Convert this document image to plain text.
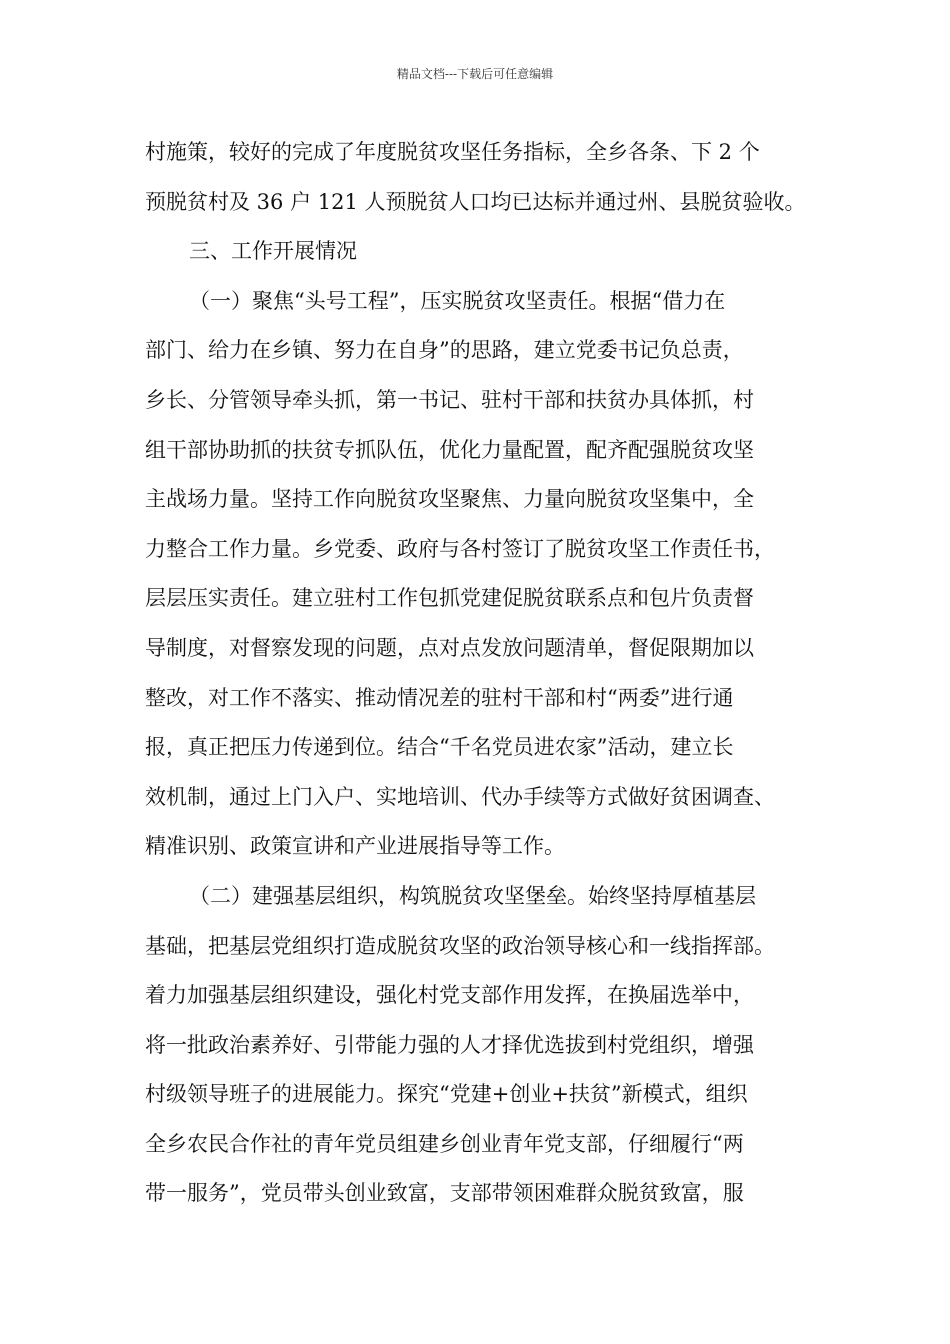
精品文档---下载后可任意编辑
村施策，较好的完成了年度脱贫攻坚任务指标，全乡各条、下 2 个
预脱贫村及 36 户 121 人预脱贫人口均已达标并通过州、县脱贫验收。
三、工作开展情况
（一）聚焦“头号工程”，压实脱贫攻坚责任。根据“借力在
部门、给力在乡镇、努力在自身”的思路，建立党委书记负总责，
乡长、分管领导牵头抓，第一书记、驻村干部和扶贫办具体抓，村
组干部协助抓的扶贫专抓队伍，优化力量配置，配齐配强脱贫攻坚
主战场力量。坚持工作向脱贫攻坚聚焦、力量向脱贫攻坚集中，全
力整合工作力量。乡党委、政府与各村签订了脱贫攻坚工作责任书，
层层压实责任。建立驻村工作包抓党建促脱贫联系点和包片负责督
导制度，对督察发现的问题，点对点发放问题清单，督促限期加以
整改，对工作不落实、推动情况差的驻村干部和村“两委”进行通
报，真正把压力传递到位。结合“千名党员进农家”活动，建立长
效机制，通过上门入户、实地培训、代办手续等方式做好贫困调查、
精准识别、政策宣讲和产业进展指导等工作。
（二）建强基层组织，构筑脱贫攻坚堡垒。始终坚持厚植基层
基础，把基层党组织打造成脱贫攻坚的政治领导核心和一线指挥部。
着力加强基层组织建设，强化村党支部作用发挥，在换届选举中，
将一批政治素养好、引带能力强的人才择优选拔到村党组织，增强
村级领导班子的进展能力。探究“党建+创业+扶贫”新模式，组织
全乡农民合作社的青年党员组建乡创业青年党支部，仔细履行“两
带一服务”，党员带头创业致富，支部带领困难群众脱贫致富，服
